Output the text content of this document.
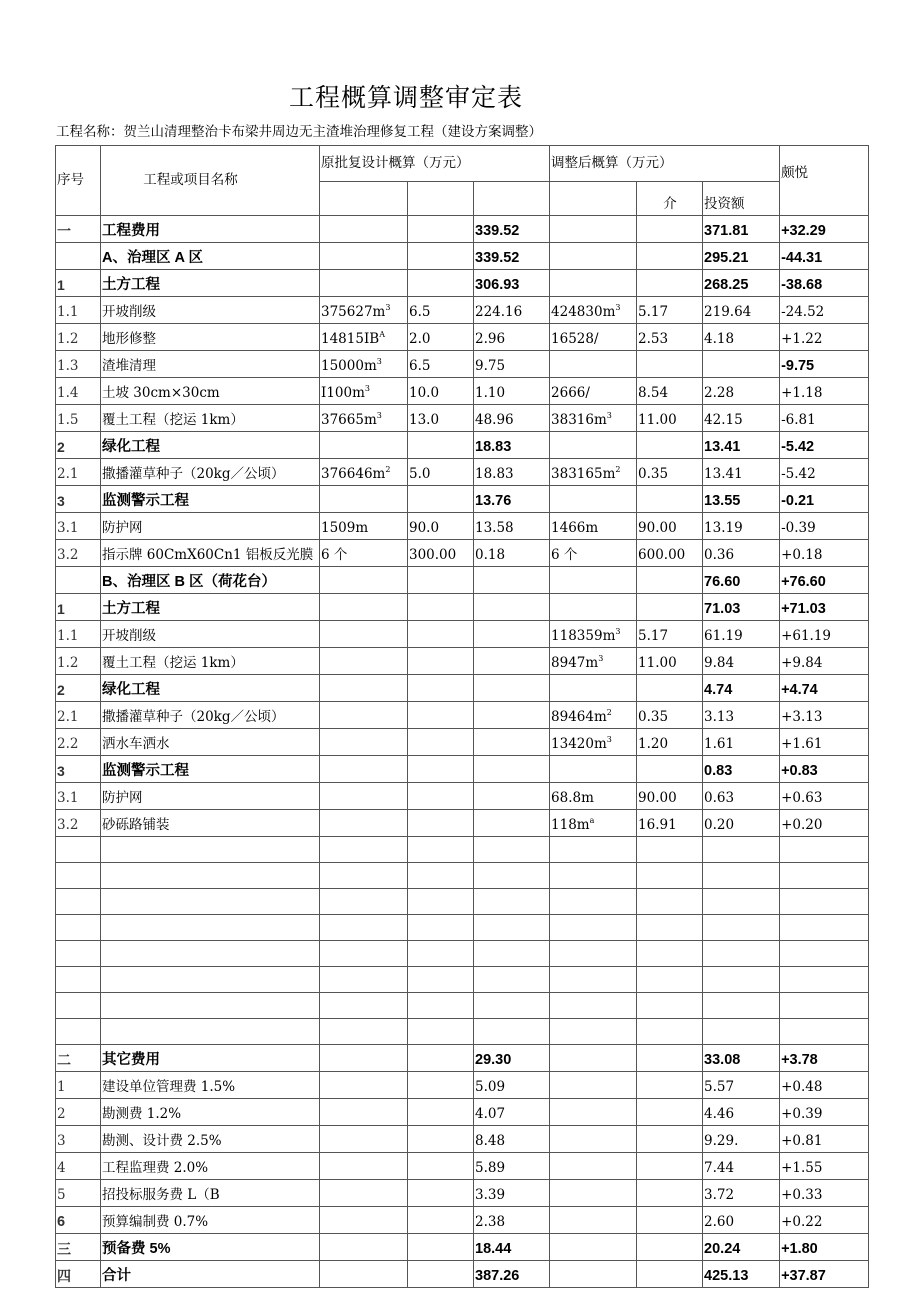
工程概算调整审定表
工程名称：贺兰山清理整治卡布梁井周边无主渣堆治理修复工程（建设方案调整）
序号	工程或项目名称	原批复设计概算（万元）			调整后概算（万元）			颇悦
						介	投资额	
一	工程费用			339.52			371.81	+32.29
	A、治理区 A 区			339.52			295.21	-44.31
1	土方工程			306.93			268.25	-38.68
1.1	开坡削级	$375627m^3$	6.5	224.16	$424830m^3$	5.17	219.64	-24.52
1.2	地形修整	$14815IB^A$	2.0	2.96	16528/	2.53	4.18	+1.22
1.3	渣堆清理	$15000m^3$	6.5	9.75				-9.75
1.4	土坡 30cm×30cm	$I100m^3$	10.0	1.10	2666/	8.54	2.28	+1.18
1.5	覆土工程（挖运 1km）	$37665m^3$	13.0	48.96	$38316m^3$	11.00	42.15	-6.81
2	绿化工程			18.83			13.41	-5.42
2.1	撒播灌草种子（20kg／公顷）	$376646m^2$	5.0	18.83	$383165m^2$	0.35	13.41	-5.42
3	监测警示工程			13.76			13.55	-0.21
3.1	防护网	1509m	90.0	13.58	1466m	90.00	13.19	-0.39
3.2	指示牌 60CmX60Cn1 铝板反光膜	6 个	300.00	0.18	6 个	600.00	0.36	+0.18
	B、治理区 B 区（荷花台）						76.60	+76.60
1	土方工程						71.03	+71.03
1.1	开坡削级				$118359m^3$	5.17	61.19	+61.19
1.2	覆土工程（挖运 1km）				$8947m^3$	11.00	9.84	+9.84
2	绿化工程						4.74	+4.74
2.1	撒播灌草种子（20kg／公顷）				$89464m^2$	0.35	3.13	+3.13
2.2	洒水车洒水				$13420m^3$	1.20	1.61	+1.61
3	监测警示工程						0.83	+0.83
3.1	防护网				68.8m	90.00	0.63	+0.63
3.2	砂砾路铺装				$118m^a$	16.91	0.20	+0.20

二	其它费用			29.30			33.08	+3.78
1	建设单位管理费 1.5%			5.09			5.57	+0.48
2	勘测费 1.2%			4.07			4.46	+0.39
3	勘测、设计费 2.5%			8.48			9.29.	+0.81
4	工程监理费 2.0%			5.89			7.44	+1.55
5	招投标服务费 L（B			3.39			3.72	+0.33
6	预算编制费 0.7%			2.38			2.60	+0.22
三	预备费 5%			18.44			20.24	+1.80
四	合计			387.26			425.13	+37.87
